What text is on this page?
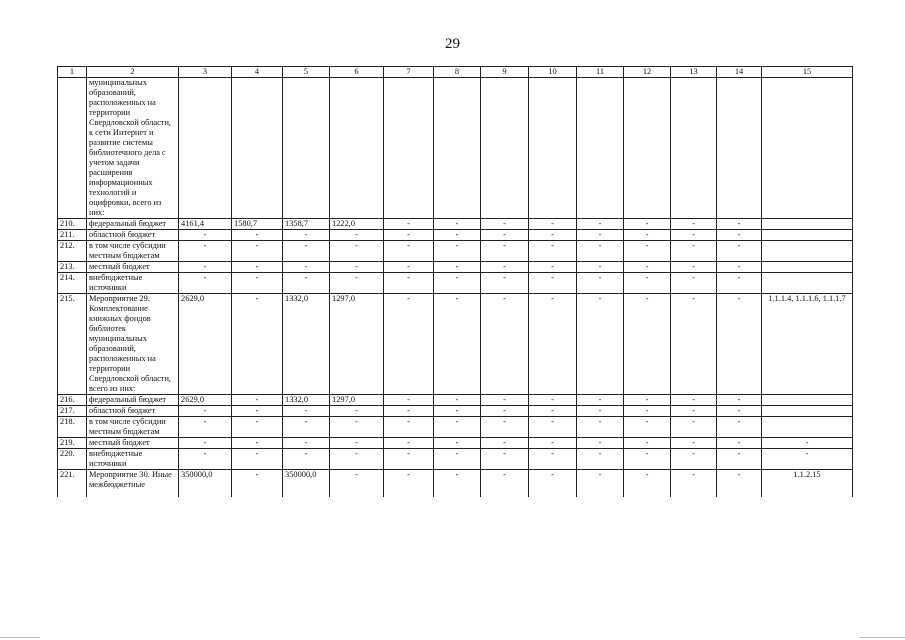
29
1	2	3	4	5	6	7	8	9	10	11	12	13	14	15
	муниципальных образований, расположенных на территории Свердловской области, к сети Интернет и развитие системы библиотечного дела с учетом задачи расширения информационных технологий и оцифровки, всего из них:													
210.	федеральный бюджет	4161,4	1580,7	1358,7	1222,0	-	-	-	-	-	-	-	-	
211.	областной бюджет	-	-	-	-	-	-	-	-	-	-	-	-	
212.	в том числе субсидии местным бюджетам	-	-	-	-	-	-	-	-	-	-	-	-	
213.	местный бюджет	-	-	-	-	-	-	-	-	-	-	-	-	
214.	внебюджетные источники	-	-	-	-	-	-	-	-	-	-	-	-	
215.	Мероприятие 29. Комплектование книжных фондов библиотек муниципальных образований, расположенных на территории Свердловской области, всего из них:	2629,0	-	1332,0	1297,0	-	-	-	-	-	-	-	-	1.1.1.4, 1.1.1.6, 1.1.1.7
216.	федеральный бюджет	2629,0	-	1332,0	1297,0	-	-	-	-	-	-	-	-	
217.	областной бюджет	-	-	-	-	-	-	-	-	-	-	-	-	
218.	в том числе субсидии местным бюджетам	-	-	-	-	-	-	-	-	-	-	-	-	
219.	местный бюджет	-	-	-	-	-	-	-	-	-	-	-	-	-
220.	внебюджетные источники	-	-	-	-	-	-	-	-	-	-	-	-	-
221.	Мероприятие 30. Иные межбюджетные	350000,0	-	350000,0	-	-	-	-	-	-	-	-	-	1.1.2.15
